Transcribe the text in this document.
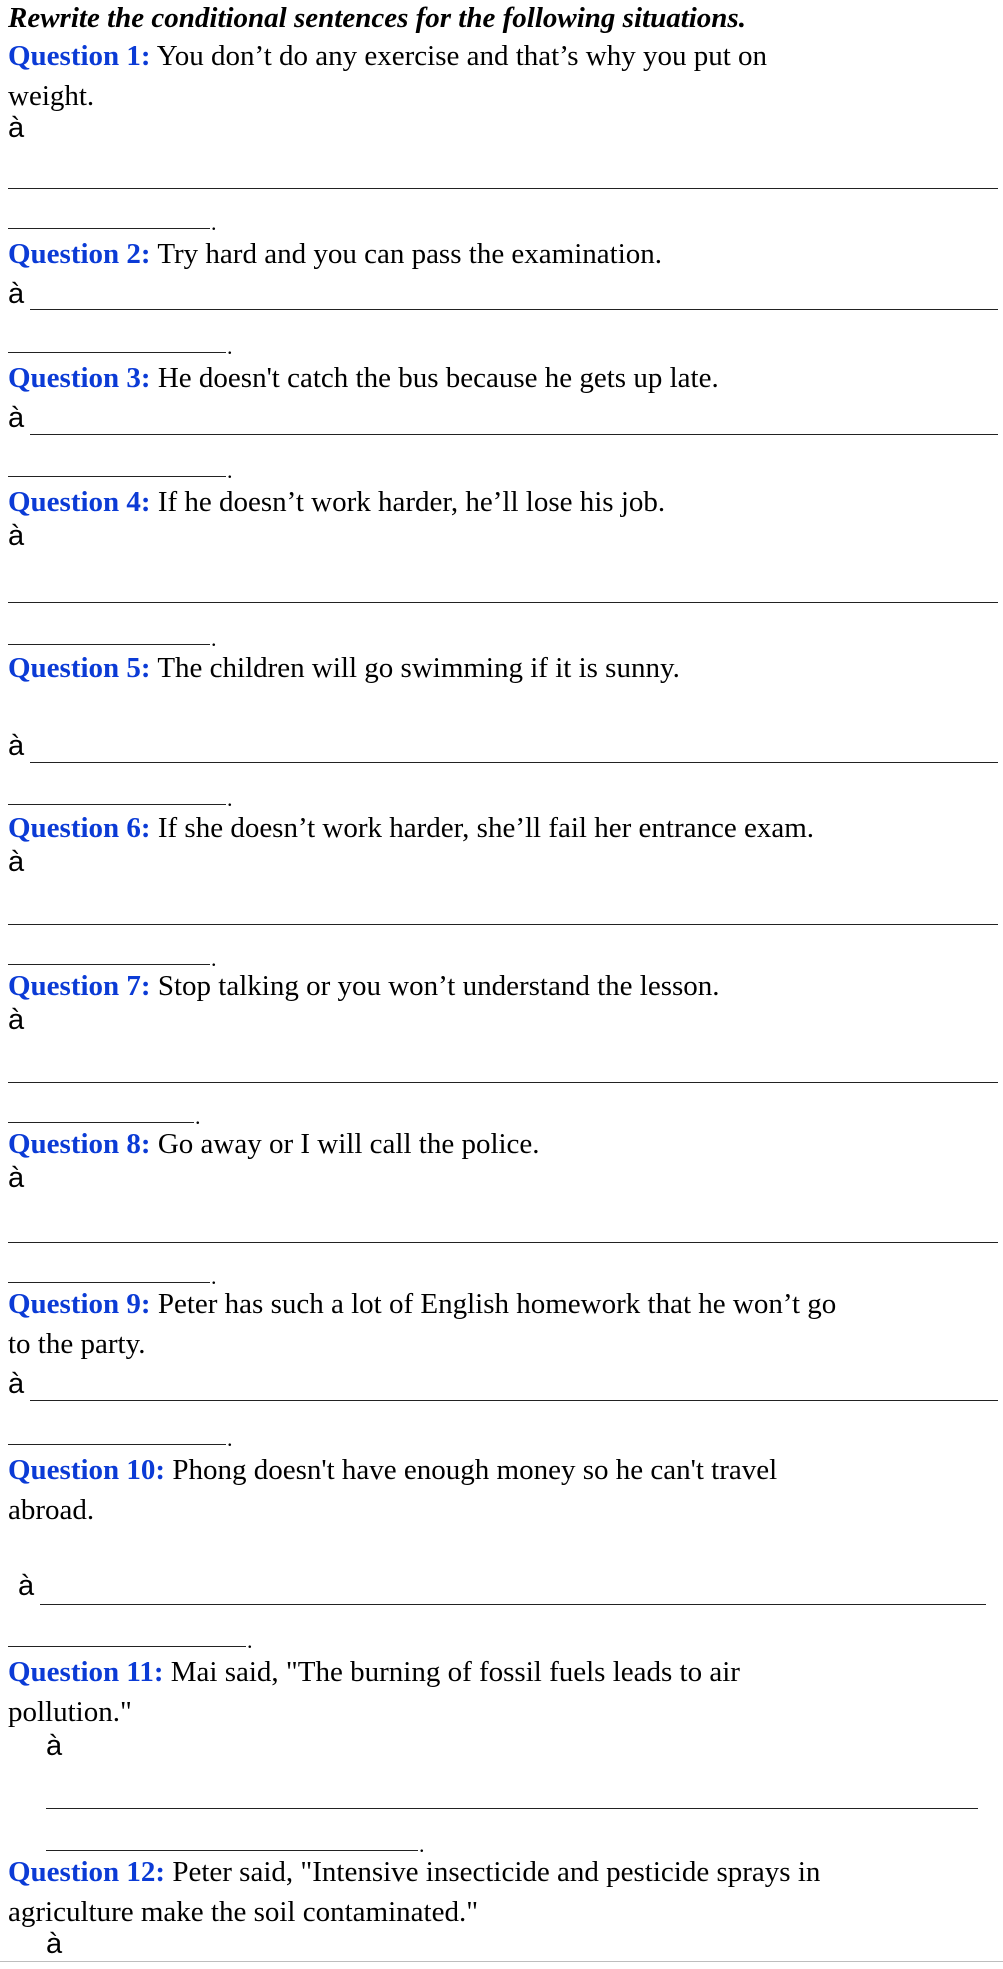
Rewrite the conditional sentences for the following situations.
Question 1: You don’t do any exercise and that’s why you put on
weight.
à
.
Question 2: Try hard and you can pass the examination.
à
.
Question 3: He doesn't catch the bus because he gets up late.
à
.
Question 4: If he doesn’t work harder, he’ll lose his job.
à
.
Question 5: The children will go swimming if it is sunny.
à
.
Question 6: If she doesn’t work harder, she’ll fail her entrance exam.
à
.
Question 7: Stop talking or you won’t understand the lesson.
à
.
Question 8: Go away or I will call the police.
à
.
Question 9: Peter has such a lot of English homework that he won’t go
to the party.
à
.
Question 10: Phong doesn't have enough money so he can't travel
abroad.
à
.
Question 11: Mai said, "The burning of fossil fuels leads to air
pollution."
à
.
Question 12: Peter said, "Intensive insecticide and pesticide sprays in
agriculture make the soil contaminated."
à
